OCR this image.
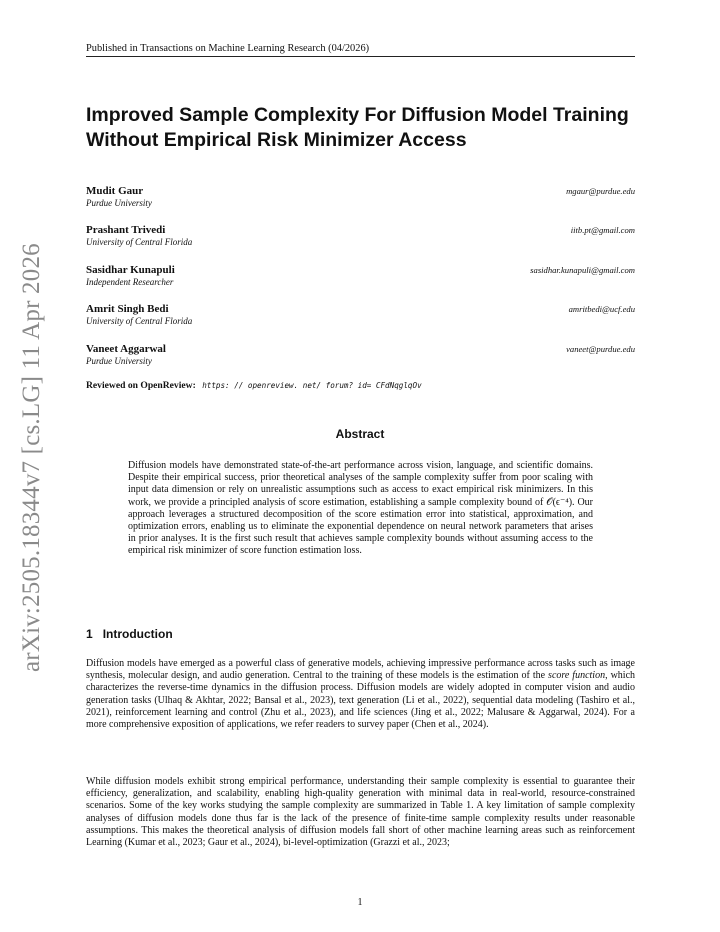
Published in Transactions on Machine Learning Research (04/2026)
arXiv:2505.18344v7 [cs.LG] 11 Apr 2026
Improved Sample Complexity For Diffusion Model Training Without Empirical Risk Minimizer Access
Mudit Gaur
Purdue University
mgaur@purdue.edu
Prashant Trivedi
University of Central Florida
iitb.pt@gmail.com
Sasidhar Kunapuli
Independent Researcher
sasidhar.kunapuli@gmail.com
Amrit Singh Bedi
University of Central Florida
amritbedi@ucf.edu
Vaneet Aggarwal
Purdue University
vaneet@purdue.edu
Reviewed on OpenReview: https: // openreview. net/ forum? id= CFdNqglqOv
Abstract
Diffusion models have demonstrated state-of-the-art performance across vision, language, and scientific domains. Despite their empirical success, prior theoretical analyses of the sample complexity suffer from poor scaling with input data dimension or rely on unrealistic assumptions such as access to exact empirical risk minimizers. In this work, we provide a principled analysis of score estimation, establishing a sample complexity bound of 𝒪(ϵ⁻⁴). Our approach leverages a structured decomposition of the score estimation error into statistical, approximation, and optimization errors, enabling us to eliminate the exponential dependence on neural network parameters that arises in prior analyses. It is the first such result that achieves sample complexity bounds without assuming access to the empirical risk minimizer of score function estimation loss.
1 Introduction

Diffusion models have emerged as a powerful class of generative models, achieving impressive performance across tasks such as image synthesis, molecular design, and audio generation. Central to the training of these models is the estimation of the score function, which characterizes the reverse-time dynamics in the diffusion process. Diffusion models are widely adopted in computer vision and audio generation tasks (Ulhaq & Akhtar, 2022; Bansal et al., 2023), text generation (Li et al., 2022), sequential data modeling (Tashiro et al., 2021), reinforcement learning and control (Zhu et al., 2023), and life sciences (Jing et al., 2022; Malusare & Aggarwal, 2024). For a more comprehensive exposition of applications, we refer readers to survey paper (Chen et al., 2024).

While diffusion models exhibit strong empirical performance, understanding their sample complexity is essential to guarantee their efficiency, generalization, and scalability, enabling high-quality generation with minimal data in real-world, resource-constrained scenarios. Some of the key works studying the sample complexity are summarized in Table 1. A key limitation of sample complexity analyses of diffusion models done thus far is the lack of the presence of finite-time sample complexity results under reasonable assumptions. This makes the theoretical analysis of diffusion models fall short of other machine learning areas such as reinforcement Learning (Kumar et al., 2023; Gaur et al., 2024), bi-level-optimization (Grazzi et al., 2023;

1
